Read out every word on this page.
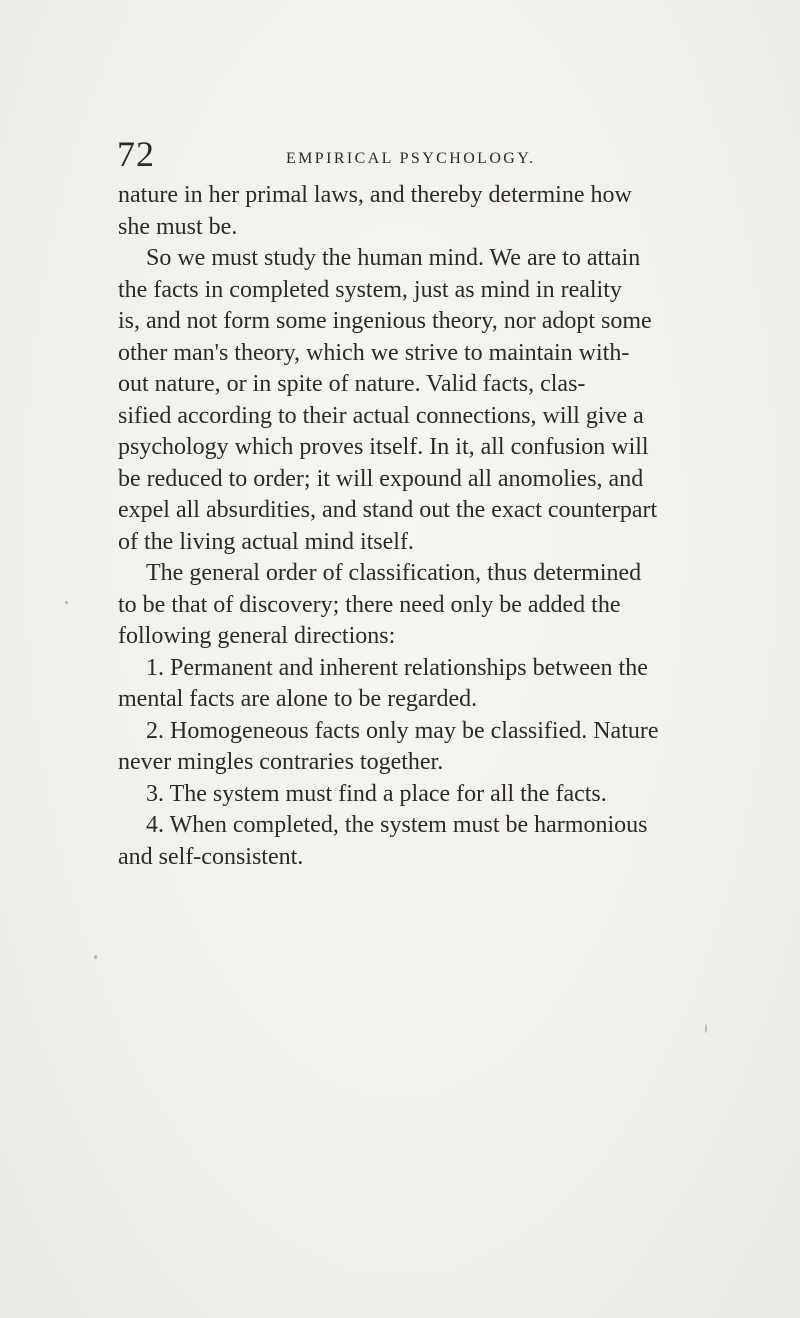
72	EMPIRICAL PSYCHOLOGY.
nature in her primal laws, and thereby determine how
she must be.
So we must study the human mind. We are to attain
the facts in completed system, just as mind in reality
is, and not form some ingenious theory, nor adopt some
other man's theory, which we strive to maintain with-
out nature, or in spite of nature. Valid facts, clas-
sified according to their actual connections, will give a
psychology which proves itself. In it, all confusion will
be reduced to order; it will expound all anomolies, and
expel all absurdities, and stand out the exact counterpart
of the living actual mind itself.
The general order of classification, thus determined
to be that of discovery; there need only be added the
following general directions:
1. Permanent and inherent relationships between the
mental facts are alone to be regarded.
2. Homogeneous facts only may be classified. Nature
never mingles contraries together.
3. The system must find a place for all the facts.
4. When completed, the system must be harmonious
and self-consistent.
